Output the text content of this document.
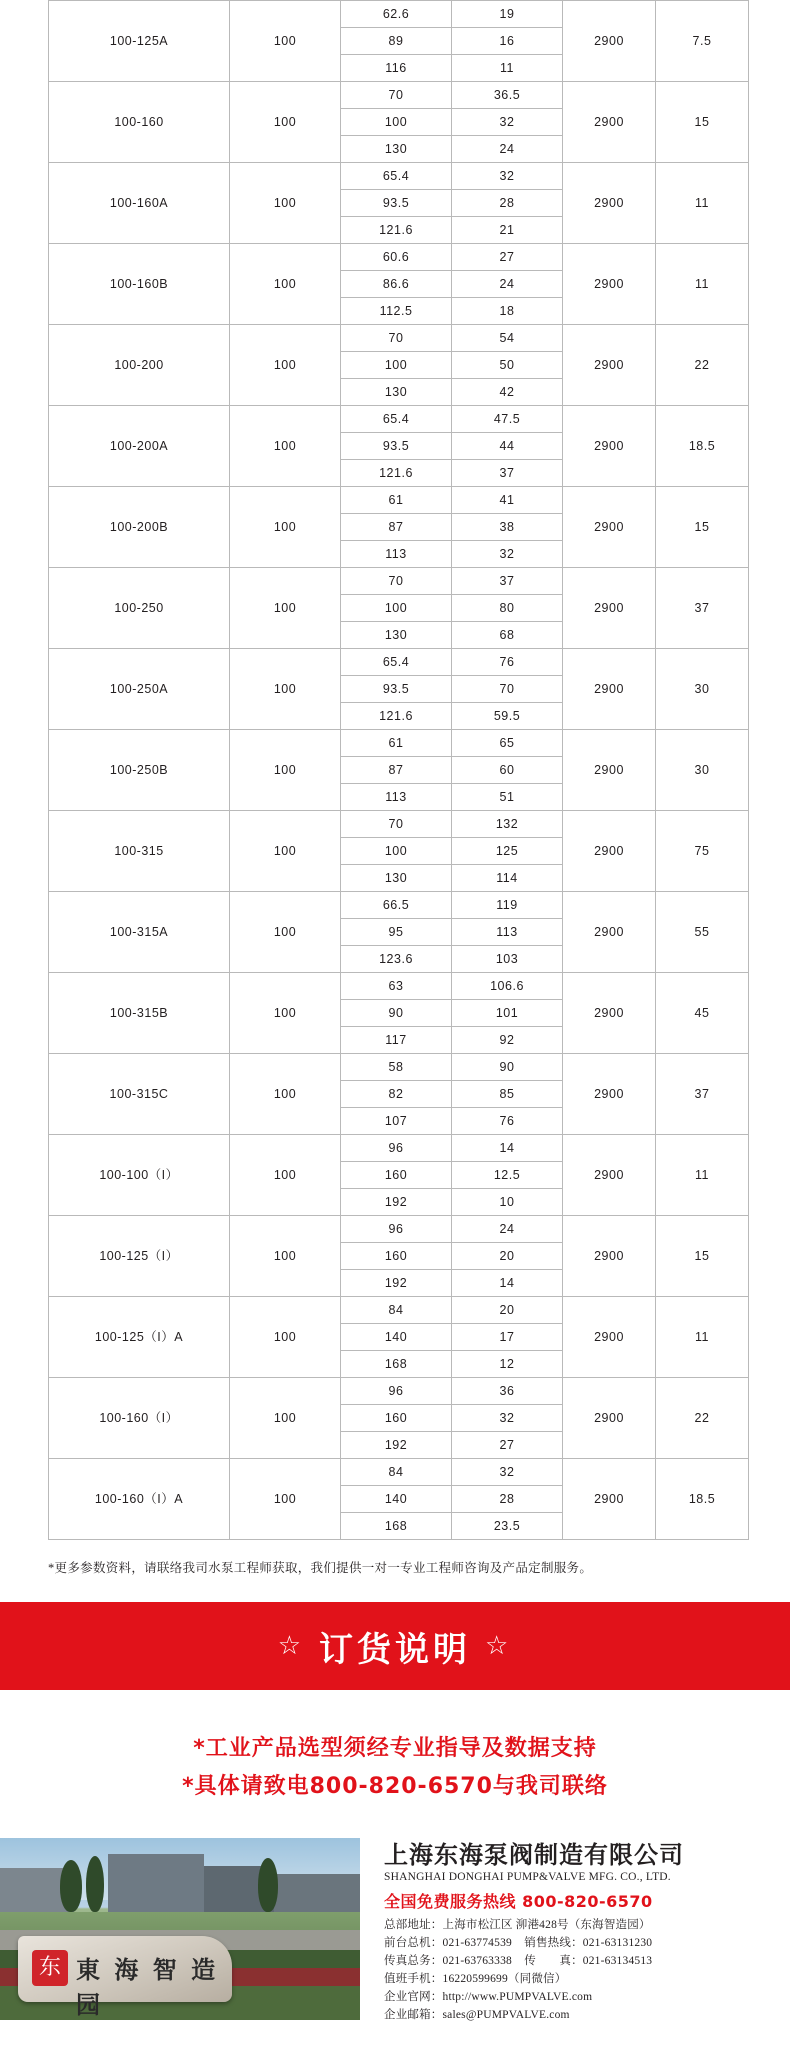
100-125A	100	62.6	19	2900	7.5
		89	16		
		116	11		
100-160	100	70	36.5	2900	15
		100	32		
		130	24		
100-160A	100	65.4	32	2900	11
		93.5	28		
		121.6	21		
100-160B	100	60.6	27	2900	11
		86.6	24		
		112.5	18		
100-200	100	70	54	2900	22
		100	50		
		130	42		
100-200A	100	65.4	47.5	2900	18.5
		93.5	44		
		121.6	37		
100-200B	100	61	41	2900	15
		87	38		
		113	32		
100-250	100	70	37	2900	37
		100	80		
		130	68		
100-250A	100	65.4	76	2900	30
		93.5	70		
		121.6	59.5		
100-250B	100	61	65	2900	30
		87	60		
		113	51		
100-315	100	70	132	2900	75
		100	125		
		130	114		
100-315A	100	66.5	119	2900	55
		95	113		
		123.6	103		
100-315B	100	63	106.6	2900	45
		90	101		
		117	92		
100-315C	100	58	90	2900	37
		82	85		
		107	76		
100-100（I）	100	96	14	2900	11
		160	12.5		
		192	10		
100-125（I）	100	96	24	2900	15
		160	20		
		192	14		
100-125（I）A	100	84	20	2900	11
		140	17		
		168	12		
100-160（I）	100	96	36	2900	22
		160	32		
		192	27		
100-160（I）A	100	84	32	2900	18.5
		140	28		
		168	23.5		
*更多参数资料，请联络我司水泵工程师获取，我们提供一对一专业工程师咨询及产品定制服务。
☆ 订货说明 ☆
*工业产品选型须经专业指导及数据支持
*具体请致电800-820-6570与我司联络
东 東 海 智 造 园
上海东海泵阀制造有限公司
SHANGHAI DONGHAI PUMP&VALVE MFG. CO., LTD.
全国免费服务热线 800-820-6570
总部地址：上海市松江区 泖港428号（东海智造园）
前台总机：021-63774539    销售热线：021-63131230
传真总务：021-63763338    传　　真：021-63134513
值班手机：16220599699（同微信）
企业官网：http://www.PUMPVALVE.com
企业邮箱：sales@PUMPVALVE.com
